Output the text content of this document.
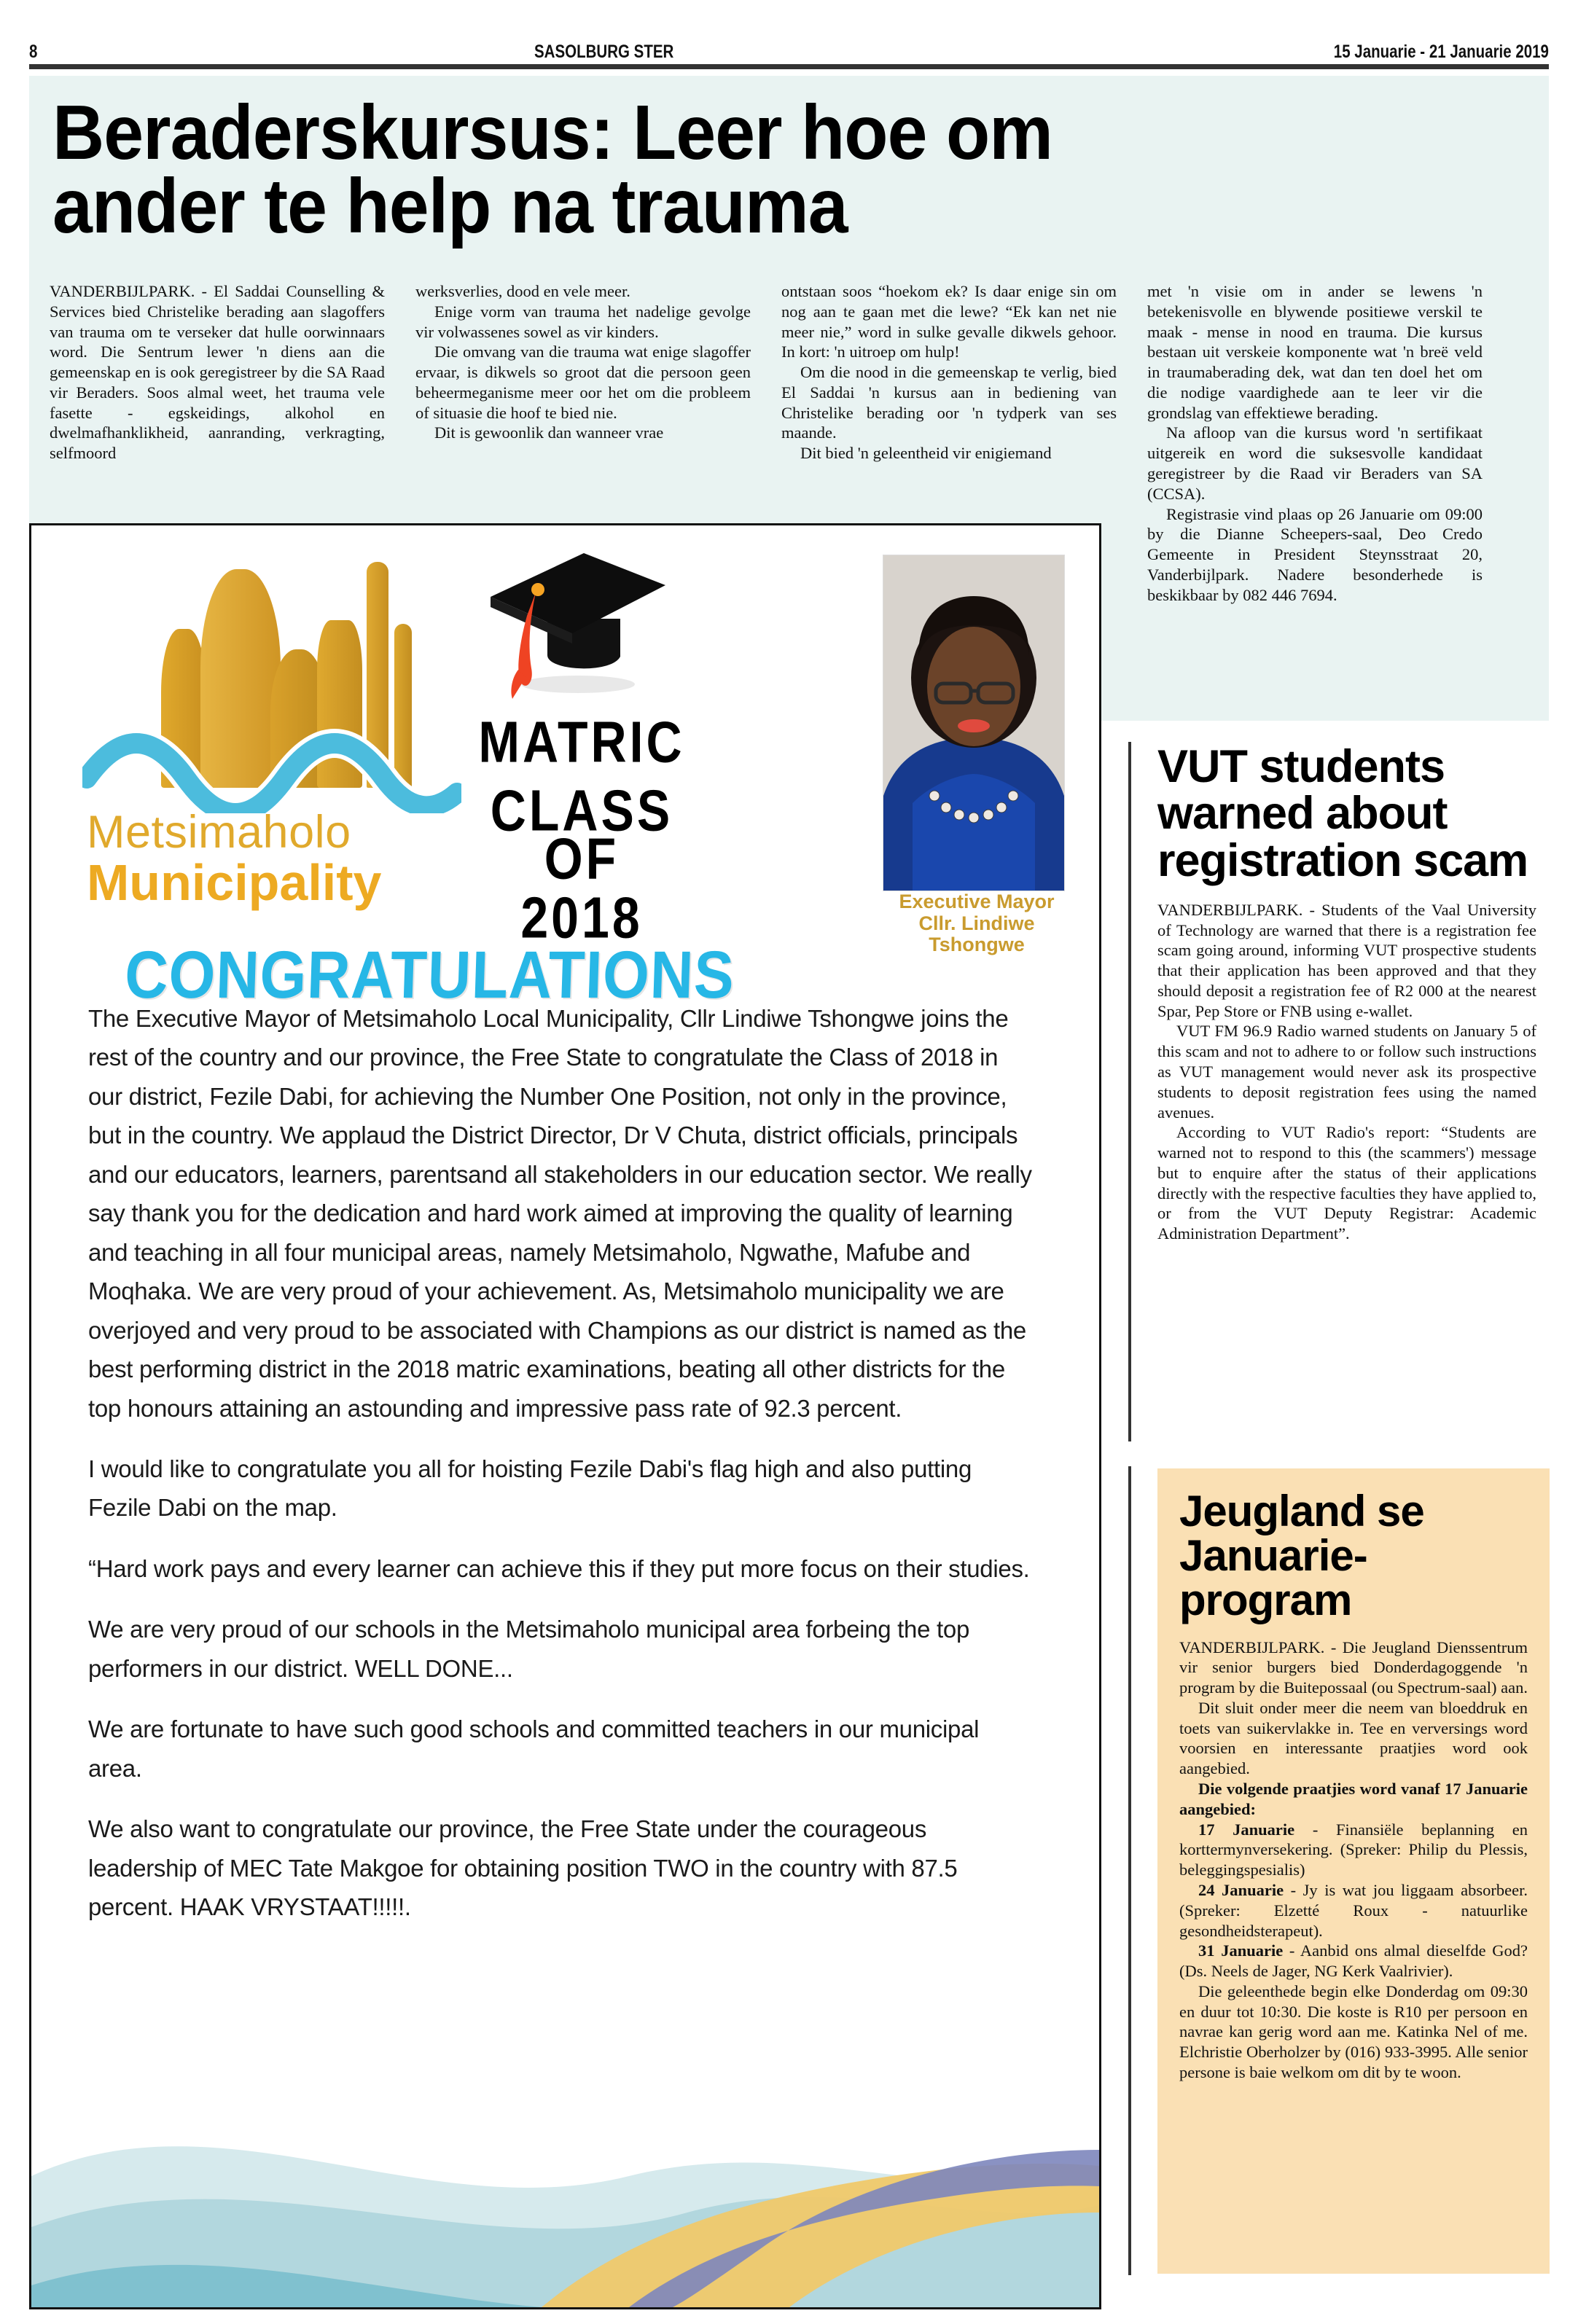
8	SASOLBURG STER	15 Januarie - 21 Januarie 2019
Beraderskursus: Leer hoe om
ander te help na trauma

VANDERBIJLPARK. - El Saddai Counselling & Services bied Christelike berading aan slagoffers van trauma om te verseker dat hulle oorwinnaars word. Die Sentrum lewer 'n diens aan die gemeenskap en is ook geregistreer by die SA Raad vir Beraders. Soos almal weet, het trauma vele fasette - egskeidings, alkohol en dwelmafhanklikheid, aanranding, verkragting, selfmoord

werksverlies, dood en vele meer.

Enige vorm van trauma het nadelige gevolge vir volwassenes sowel as vir kinders.

Die omvang van die trauma wat enige slagoffer ervaar, is dikwels so groot dat die persoon geen beheermeganisme meer oor het om die probleem of situasie die hoof te bied nie.

Dit is gewoonlik dan wanneer vrae

ontstaan soos “hoekom ek? Is daar enige sin om nog aan te gaan met die lewe? “Ek kan net nie meer nie,” word in sulke gevalle dikwels gehoor. In kort: 'n uitroep om hulp!

Om die nood in die gemeenskap te verlig, bied El Saddai 'n kursus aan in bediening van Christelike berading oor 'n tydperk van ses maande.

Dit bied 'n geleentheid vir enigiemand

met 'n visie om in ander se lewens 'n betekenisvolle en blywende positiewe verskil te maak - mense in nood en trauma. Die kursus bestaan uit verskeie komponente wat 'n breë veld in traumaberading dek, wat dan ten doel het om die nodige vaardighede aan te leer vir die grondslag van effektiewe berading.

Na afloop van die kursus word 'n sertifikaat uitgereik en word die suksesvolle kandidaat geregistreer by die Raad vir Beraders van SA (CCSA).

Registrasie vind plaas op 26 Januarie om 09:00 by die Dianne Scheepers-saal, Deo Credo Gemeente in President Steynsstraat 20, Vanderbijlpark. Nadere besonderhede is beskikbaar by 082 446 7694.

Metsimaholo
Municipality
MATRIC CLASS
OF
2018
CONGRATULATIONS
Executive Mayor
Cllr. Lindiwe Tshongwe

The Executive Mayor of Metsimaholo Local Municipality, Cllr Lindiwe Tshongwe joins the rest of the country and our province, the Free State to congratulate the Class of 2018 in our district, Fezile Dabi, for achieving the Number One Position, not only in the province, but in the country. We applaud the District Director, Dr V Chuta, district officials, principals and our educators, learners, parentsand all stakeholders in our education sector. We really say thank you for the dedication and hard work aimed at improving the quality of learning and teaching in all four municipal areas, namely Metsimaholo, Ngwathe, Mafube and Moqhaka. We are very proud of your achievement. As, Metsimaholo municipality we are overjoyed and very proud to be associated with Champions as our district is named as the best performing district in the 2018 matric examinations, beating all other districts for the top honours attaining an astounding and impressive pass rate of 92.3 percent.

I would like to congratulate you all for hoisting Fezile Dabi's flag high and also putting Fezile Dabi on the map.

“Hard work pays and every learner can achieve this if they put more focus on their studies.

We are very proud of our schools in the Metsimaholo municipal area forbeing the top performers in our district. WELL DONE...

We are fortunate to have such good schools and committed teachers in our municipal area.

We also want to congratulate our province, the Free State under the courageous leadership of MEC Tate Makgoe for obtaining position TWO in the country with 87.5 percent. HAAK VRYSTAAT!!!!!.

VUT students warned about registration scam

VANDERBIJLPARK. - Students of the Vaal University of Technology are warned that there is a registration fee scam going around, informing VUT prospective students that their application has been approved and that they should deposit a registration fee of R2 000 at the nearest Spar, Pep Store or FNB using e-wallet.

VUT FM 96.9 Radio warned students on January 5 of this scam and not to adhere to or follow such instructions as VUT management would never ask its prospective students to deposit registration fees using the named avenues.

According to VUT Radio's report: “Students are warned not to respond to this (the scammers') message but to enquire after the status of their applications directly with the respective faculties they have applied to, or from the VUT Deputy Registrar: Academic Administration Department”.

Jeugland se Januarie-program

VANDERBIJLPARK. - Die Jeugland Dienssentrum vir senior burgers bied Donderdagoggende 'n program by die Buitepossaal (ou Spectrum-saal) aan.

Dit sluit onder meer die neem van bloeddruk en toets van suikervlakke in. Tee en verversings word voorsien en interessante praatjies word ook aangebied.

Die volgende praatjies word vanaf 17 Januarie aangebied:

17 Januarie - Finansiële beplanning en korttermynversekering. (Spreker: Philip du Plessis, beleggingspesialis)

24 Januarie - Jy is wat jou liggaam absorbeer. (Spreker: Elzetté Roux - natuurlike gesondheidsterapeut).

31 Januarie - Aanbid ons almal dieselfde God? (Ds. Neels de Jager, NG Kerk Vaalrivier).

Die geleenthede begin elke Donderdag om 09:30 en duur tot 10:30. Die koste is R10 per persoon en navrae kan gerig word aan me. Katinka Nel of me. Elchristie Oberholzer by (016) 933-3995. Alle senior persone is baie welkom om dit by te woon.
